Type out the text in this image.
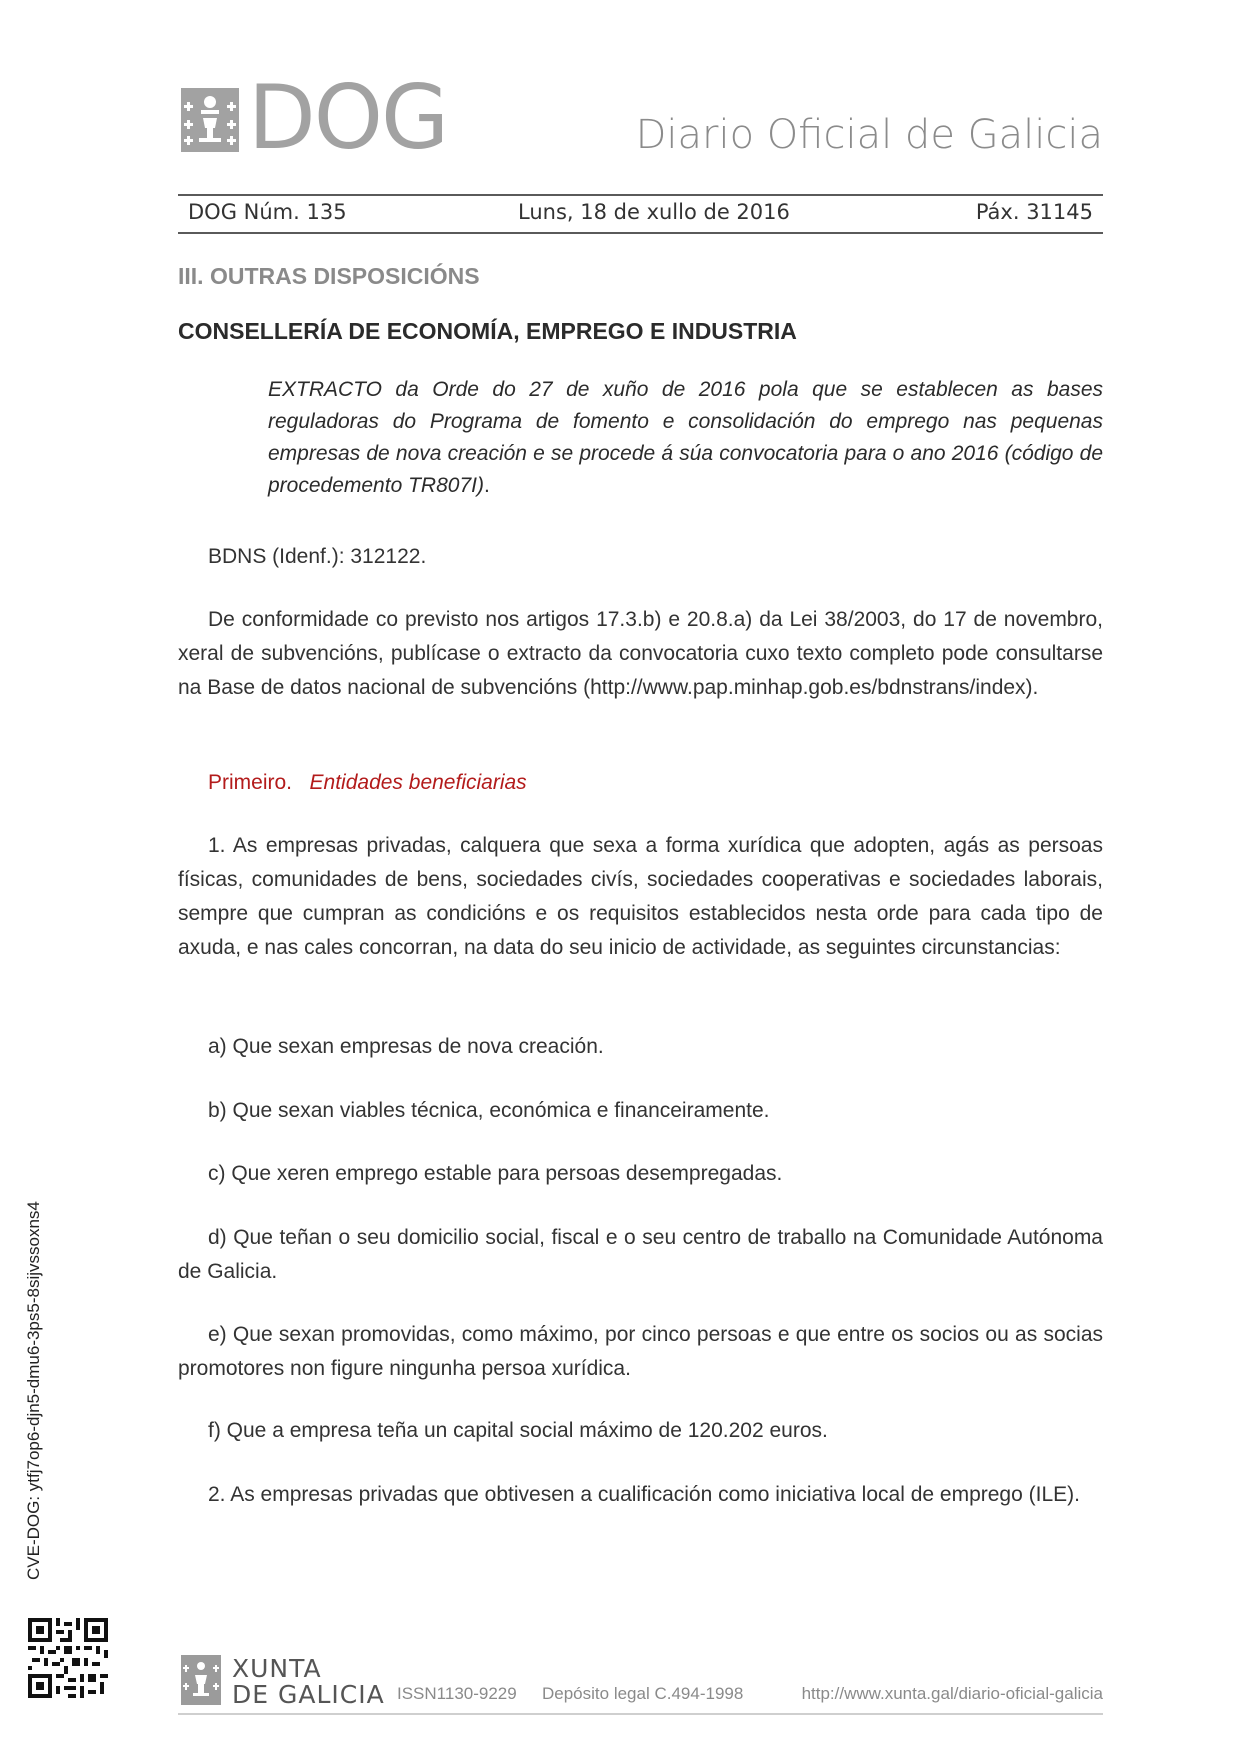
DOG	Diario Oficial de Galicia
DOG Núm. 135	Luns, 18 de xullo de 2016	Páx. 31145
III. OUTRAS DISPOSICIÓNS
CONSELLERÍA DE ECONOMÍA, EMPREGO E INDUSTRIA
EXTRACTO da Orde do 27 de xuño de 2016 pola que se establecen as bases reguladoras do Programa de fomento e consolidación do emprego nas pequenas empresas de nova creación e se procede á súa convocatoria para o ano 2016 (código de procedemento TR807I).
BDNS (Idenf.): 312122.
De conformidade co previsto nos artigos 17.3.b) e 20.8.a) da Lei 38/2003, do 17 de novembro, xeral de subvencións, publícase o extracto da convocatoria cuxo texto completo pode consultarse na Base de datos nacional de subvencións (http://www.pap.minhap.gob.es/bdnstrans/index).
Primeiro. Entidades beneficiarias
1. As empresas privadas, calquera que sexa a forma xurídica que adopten, agás as persoas físicas, comunidades de bens, sociedades civís, sociedades cooperativas e sociedades laborais, sempre que cumpran as condicións e os requisitos establecidos nesta orde para cada tipo de axuda, e nas cales concorran, na data do seu inicio de actividade, as seguintes circunstancias:
a) Que sexan empresas de nova creación.
b) Que sexan viables técnica, económica e financeiramente.
c) Que xeren emprego estable para persoas desempregadas.
d) Que teñan o seu domicilio social, fiscal e o seu centro de traballo na Comunidade Autónoma de Galicia.
e) Que sexan promovidas, como máximo, por cinco persoas e que entre os socios ou as socias promotores non figure ningunha persoa xurídica.
f) Que a empresa teña un capital social máximo de 120.202 euros.
2. As empresas privadas que obtivesen a cualificación como iniciativa local de emprego (ILE).
CVE-DOG: ytfj7op6-djn5-dmu6-3ps5-8sijvssoxns4
XUNTA
DE GALICIA ISSN1130-9229 Depósito legal C.494-1998	http://www.xunta.gal/diario-oficial-galicia
